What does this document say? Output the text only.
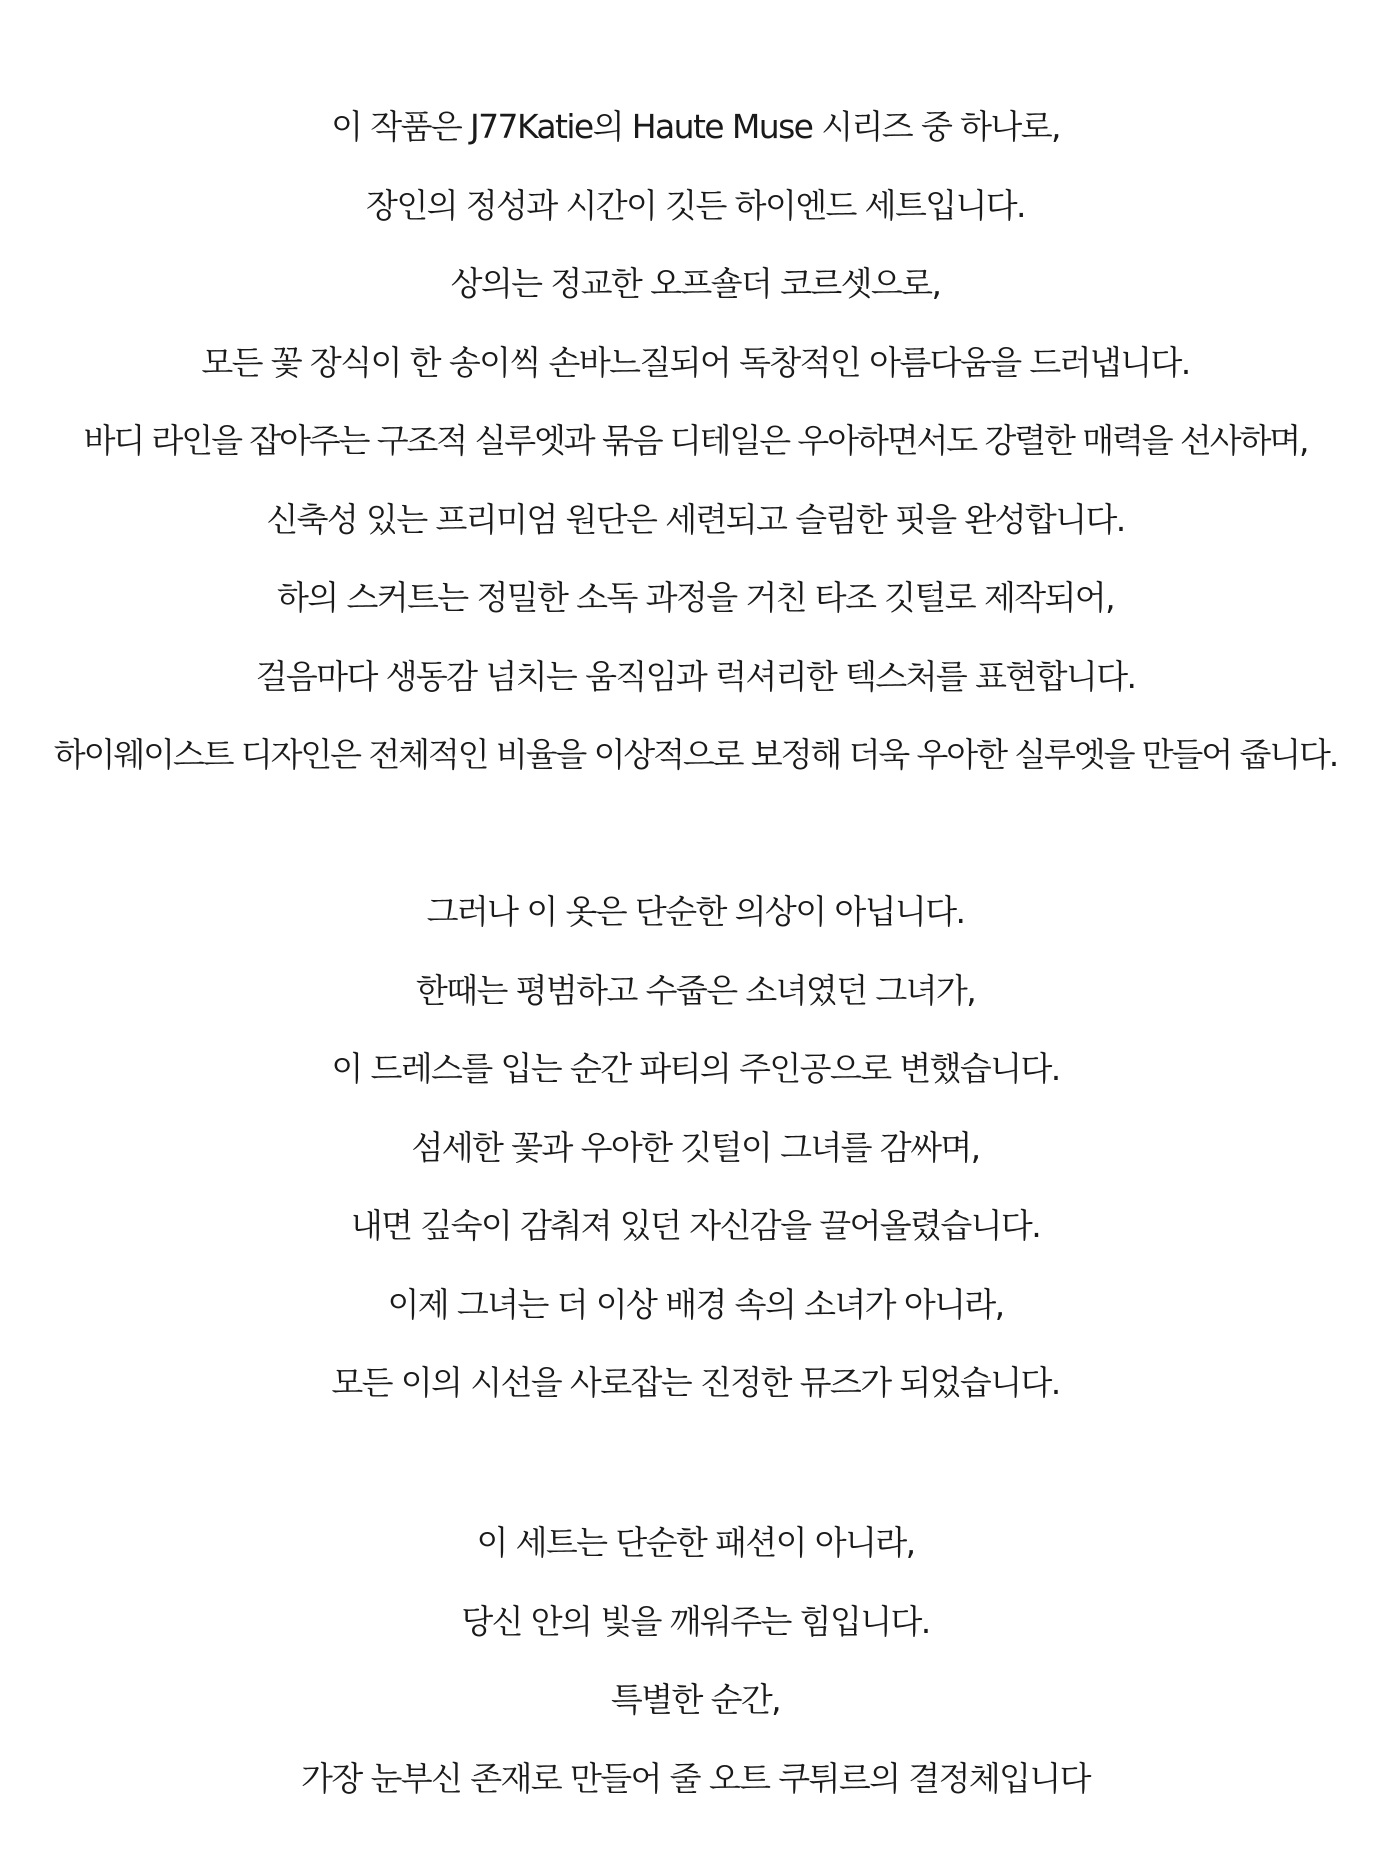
이 작품은 J77Katie의 Haute Muse 시리즈 중 하나로,
장인의 정성과 시간이 깃든 하이엔드 세트입니다.
상의는 정교한 오프숄더 코르셋으로,
모든 꽃 장식이 한 송이씩 손바느질되어 독창적인 아름다움을 드러냅니다.
바디 라인을 잡아주는 구조적 실루엣과 묶음 디테일은 우아하면서도 강렬한 매력을 선사하며,
신축성 있는 프리미엄 원단은 세련되고 슬림한 핏을 완성합니다.
하의 스커트는 정밀한 소독 과정을 거친 타조 깃털로 제작되어,
걸음마다 생동감 넘치는 움직임과 럭셔리한 텍스처를 표현합니다.
하이웨이스트 디자인은 전체적인 비율을 이상적으로 보정해 더욱 우아한 실루엣을 만들어 줍니다.
그러나 이 옷은 단순한 의상이 아닙니다.
한때는 평범하고 수줍은 소녀였던 그녀가,
이 드레스를 입는 순간 파티의 주인공으로 변했습니다.
섬세한 꽃과 우아한 깃털이 그녀를 감싸며,
내면 깊숙이 감춰져 있던 자신감을 끌어올렸습니다.
이제 그녀는 더 이상 배경 속의 소녀가 아니라,
모든 이의 시선을 사로잡는 진정한 뮤즈가 되었습니다.
이 세트는 단순한 패션이 아니라,
당신 안의 빛을 깨워주는 힘입니다.
특별한 순간,
가장 눈부신 존재로 만들어 줄 오트 쿠튀르의 결정체입니다
